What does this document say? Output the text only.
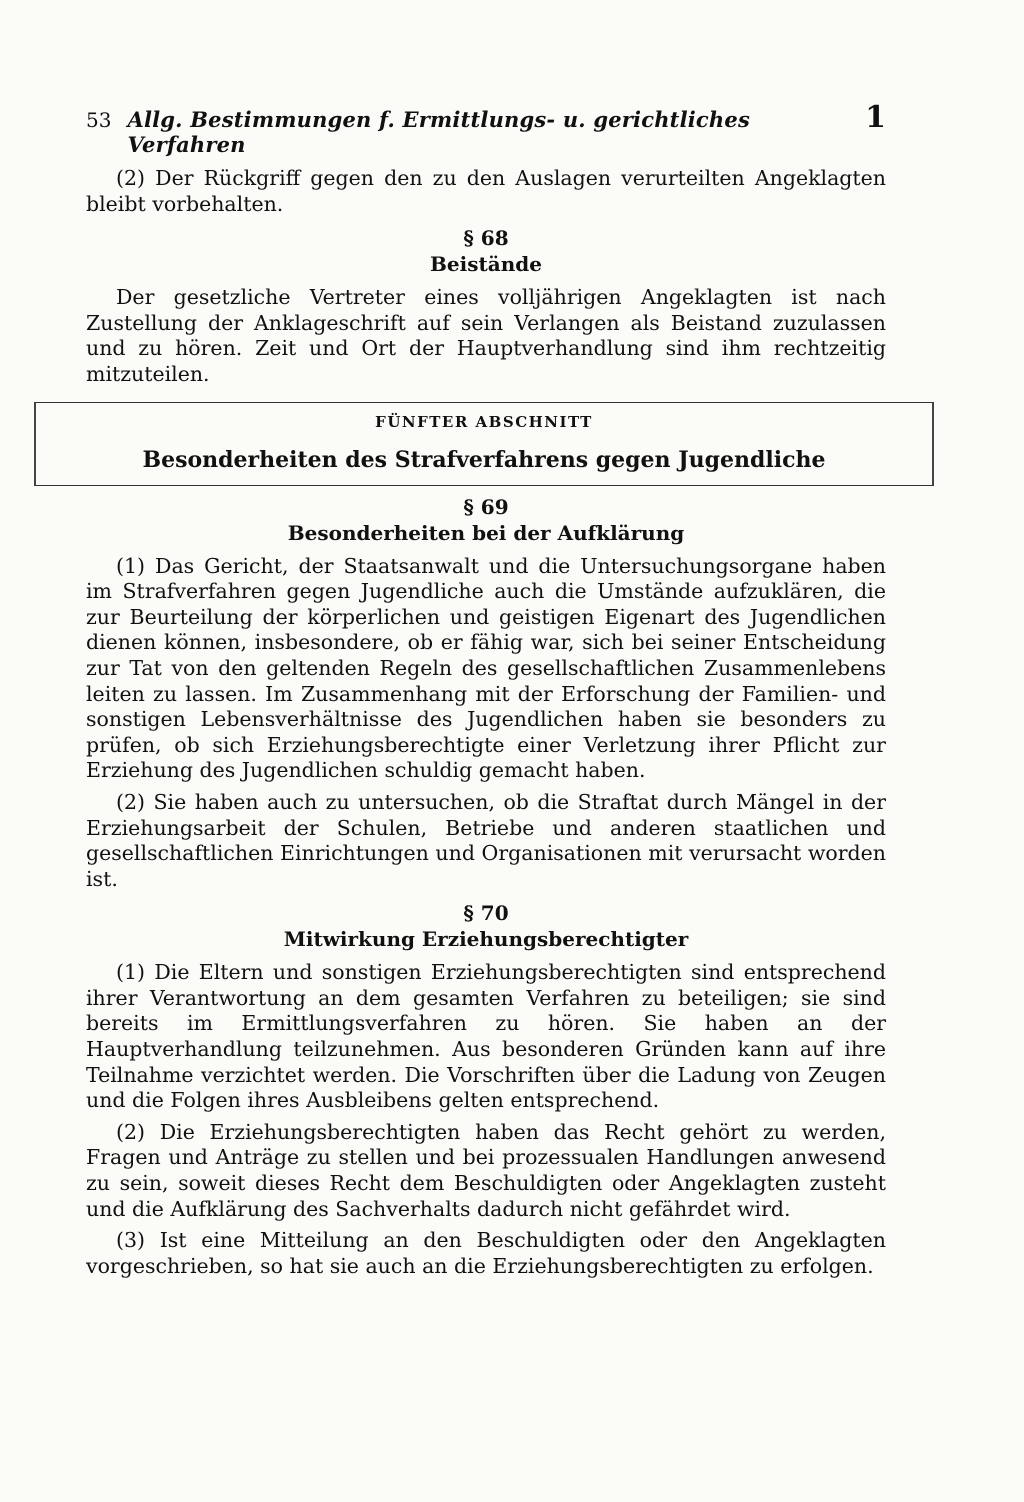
53 Allg. Bestimmungen f. Ermittlungs- u. gerichtliches Verfahren
1

(2) Der Rückgriff gegen den zu den Auslagen verurteilten Angeklagten bleibt vorbehalten.

§ 68
Beistände

Der gesetzliche Vertreter eines volljährigen Angeklagten ist nach Zustellung der Anklageschrift auf sein Verlangen als Beistand zuzulassen und zu hören. Zeit und Ort der Hauptverhandlung sind ihm rechtzeitig mitzuteilen.

FÜNFTER ABSCHNITT
Besonderheiten des Strafverfahrens gegen Jugendliche
§ 69
Besonderheiten bei der Aufklärung

(1) Das Gericht, der Staatsanwalt und die Untersuchungsorgane haben im Strafverfahren gegen Jugendliche auch die Umstände aufzuklären, die zur Beurteilung der körperlichen und geistigen Eigenart des Jugendlichen dienen können, insbesondere, ob er fähig war, sich bei seiner Entscheidung zur Tat von den geltenden Regeln des gesellschaftlichen Zusammenlebens leiten zu lassen. Im Zusammenhang mit der Erforschung der Familien- und sonstigen Lebensverhältnisse des Jugendlichen haben sie besonders zu prüfen, ob sich Erziehungsberechtigte einer Verletzung ihrer Pflicht zur Erziehung des Jugendlichen schuldig gemacht haben.

(2) Sie haben auch zu untersuchen, ob die Straftat durch Mängel in der Erziehungsarbeit der Schulen, Betriebe und anderen staatlichen und gesellschaftlichen Einrichtungen und Organisationen mit verursacht worden ist.

§ 70
Mitwirkung Erziehungsberechtigter

(1) Die Eltern und sonstigen Erziehungsberechtigten sind entsprechend ihrer Verantwortung an dem gesamten Verfahren zu beteiligen; sie sind bereits im Ermittlungsverfahren zu hören. Sie haben an der Hauptverhandlung teilzunehmen. Aus besonderen Gründen kann auf ihre Teilnahme verzichtet werden. Die Vorschriften über die Ladung von Zeugen und die Folgen ihres Ausbleibens gelten entsprechend.

(2) Die Erziehungsberechtigten haben das Recht gehört zu werden, Fragen und Anträge zu stellen und bei prozessualen Handlungen anwesend zu sein, soweit dieses Recht dem Beschuldigten oder Angeklagten zusteht und die Aufklärung des Sachverhalts dadurch nicht gefährdet wird.

(3) Ist eine Mitteilung an den Beschuldigten oder den Angeklagten vorgeschrieben, so hat sie auch an die Erziehungsberechtigten zu erfolgen.
